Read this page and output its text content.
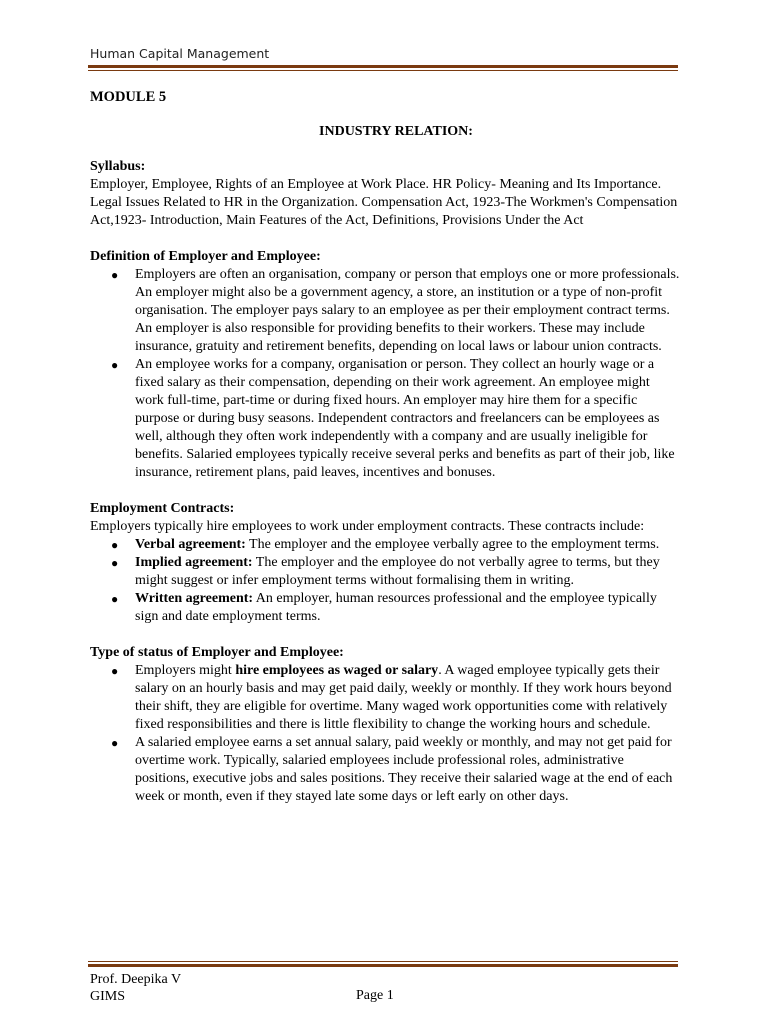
Human Capital Management

MODULE 5

INDUSTRY RELATION:

Syllabus:

Employer, Employee, Rights of an Employee at Work Place. HR Policy- Meaning and Its Importance. Legal Issues Related to HR in the Organization. Compensation Act, 1923-The Workmen's Compensation Act,1923- Introduction, Main Features of the Act, Definitions, Provisions Under the Act

Definition of Employer and Employee:

● Employers are often an organisation, company or person that employs one or more professionals. An employer might also be a government agency, a store, an institution or a type of non-profit organisation. The employer pays salary to an employee as per their employment contract terms. An employer is also responsible for providing benefits to their workers. These may include insurance, gratuity and retirement benefits, depending on local laws or labour union contracts.
● An employee works for a company, organisation or person. They collect an hourly wage or a fixed salary as their compensation, depending on their work agreement. An employee might work full-time, part-time or during fixed hours. An employer may hire them for a specific purpose or during busy seasons. Independent contractors and freelancers can be employees as well, although they often work independently with a company and are usually ineligible for benefits. Salaried employees typically receive several perks and benefits as part of their job, like insurance, retirement plans, paid leaves, incentives and bonuses.

Employment Contracts:

Employers typically hire employees to work under employment contracts. These contracts include:

● Verbal agreement: The employer and the employee verbally agree to the employment terms.
● Implied agreement: The employer and the employee do not verbally agree to terms, but they might suggest or infer employment terms without formalising them in writing.
● Written agreement: An employer, human resources professional and the employee typically sign and date employment terms.

Type of status of Employer and Employee:

● Employers might hire employees as waged or salary. A waged employee typically gets their salary on an hourly basis and may get paid daily, weekly or monthly. If they work hours beyond their shift, they are eligible for overtime. Many waged work opportunities come with relatively fixed responsibilities and there is little flexibility to change the working hours and schedule.
● A salaried employee earns a set annual salary, paid weekly or monthly, and may not get paid for overtime work. Typically, salaried employees include professional roles, administrative positions, executive jobs and sales positions. They receive their salaried wage at the end of each week or month, even if they stayed late some days or left early on other days.
Prof. Deepika V
GIMS	Page 1
